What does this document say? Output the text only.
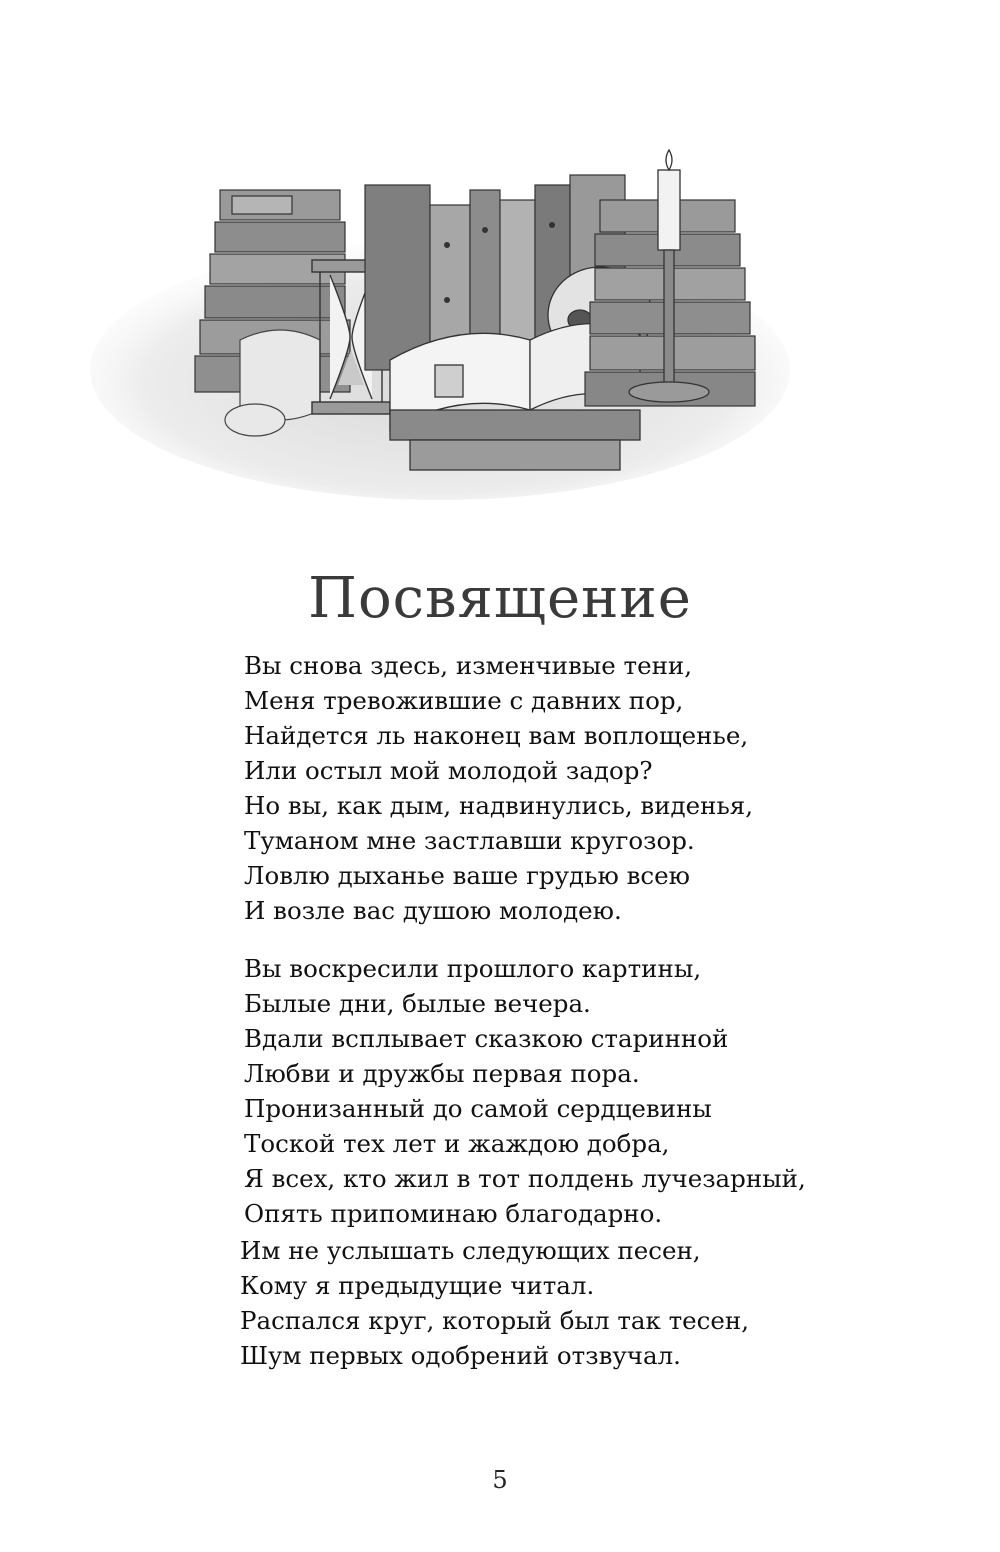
Посвящение
Вы снова здесь, изменчивые тени,
Меня тревожившие с давних пор,
Найдется ль наконец вам воплощенье,
Или остыл мой молодой задор?
Но вы, как дым, надвинулись, виденья,
Туманом мне застлавши кругозор.
Ловлю дыханье ваше грудью всею
И возле вас душою молодею.
Вы воскресили прошлого картины,
Былые дни, былые вечера.
Вдали всплывает сказкою старинной
Любви и дружбы первая пора.
Пронизанный до самой сердцевины
Тоской тех лет и жаждою добра,
Я всех, кто жил в тот полдень лучезарный,
Опять припоминаю благодарно.
Им не услышать следующих песен,
Кому я предыдущие читал.
Распался круг, который был так тесен,
Шум первых одобрений отзвучал.
5
